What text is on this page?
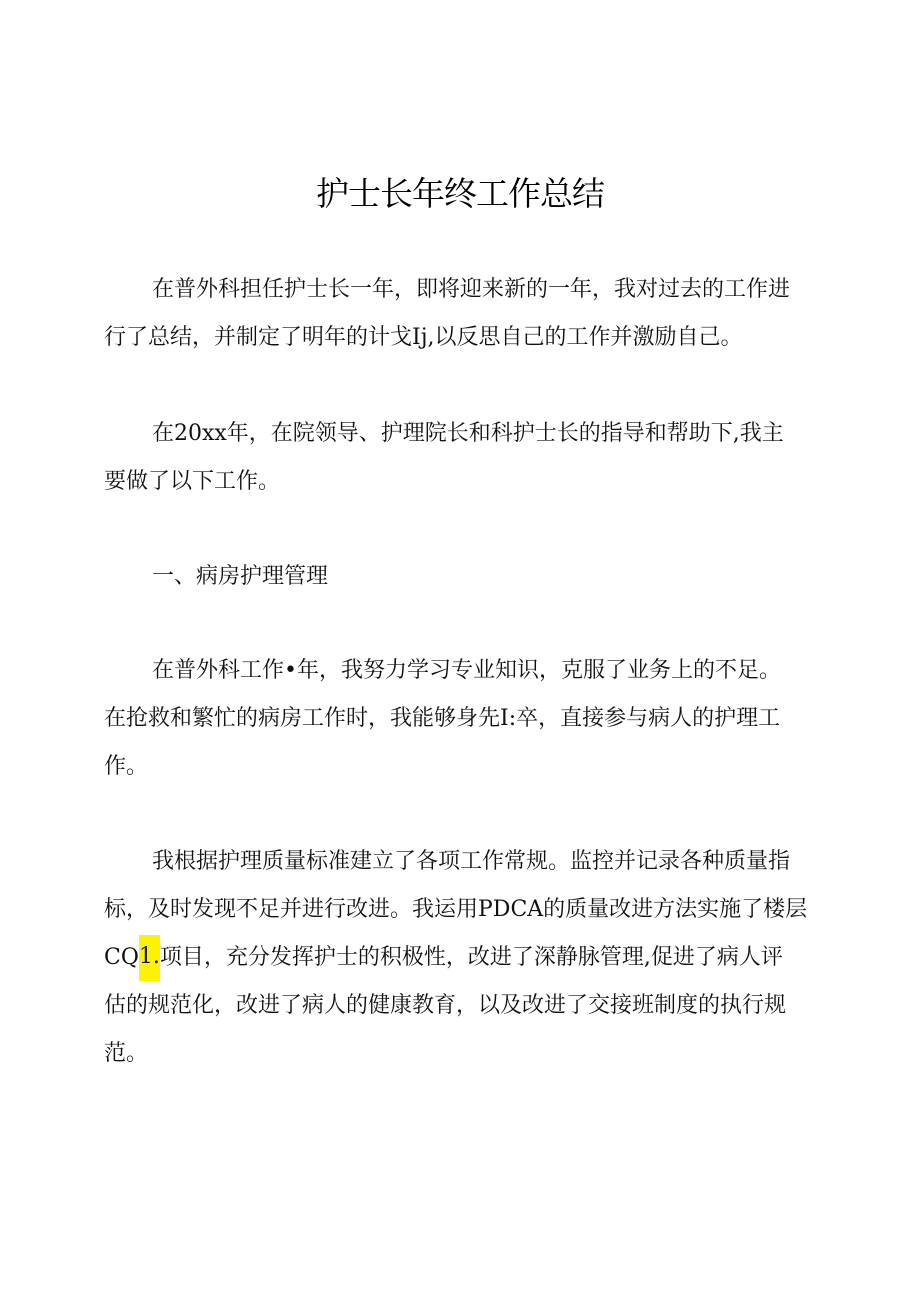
护士长年终工作总结
在普外科担任护士长一年，即将迎来新的一年，我对过去的工作进
行了总结，并制定了明年的计戈Ij,以反思自己的工作并激励自己。
在20xx年，在院领导、护理院长和科护士长的指导和帮助下,我主
要做了以下工作。
一、病房护理管理
在普外科工作•年，我努力学习专业知识，克服了业务上的不足。
在抢救和繁忙的病房工作时，我能够身先I:卒，直接参与病人的护理工
作。
我根据护理质量标准建立了各项工作常规。监控并记录各种质量指
标，及时发现不足并进行改进。我运用PDCA的质量改进方法实施了楼层
CQ1.项目，充分发挥护士的积极性，改进了深静脉管理,促进了病人评
估的规范化，改进了病人的健康教育，以及改进了交接班制度的执行规
范。
